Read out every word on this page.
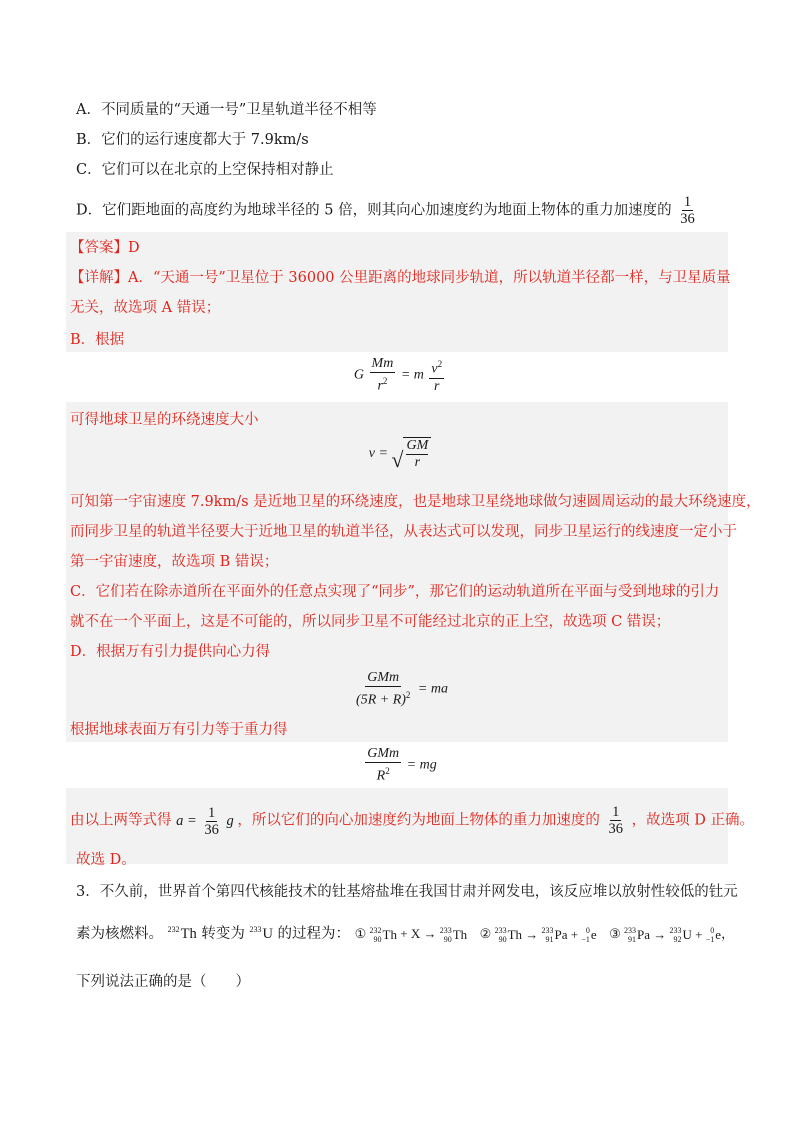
A．不同质量的“天通一号”卫星轨道半径不相等
B．它们的运行速度都大于 7.9km/s
C．它们可以在北京的上空保持相对静止
D．它们距地面的高度约为地球半径的 5 倍，则其向心加速度约为地面上物体的重力加速度的 $\frac{1}{36}$
【答案】D
【详解】A．“天通一号”卫星位于 36000 公里距离的地球同步轨道，所以轨道半径都一样，与卫星质量
无关，故选项 A 错误；
B．根据
G $\frac{Mm}{r^2} = m \frac{v^2}{r}$
可得地球卫星的环绕速度大小
v = √ $\frac{GM}{r}$
可知第一宇宙速度 7.9km/s 是近地卫星的环绕速度，也是地球卫星绕地球做匀速圆周运动的最大环绕速度，
而同步卫星的轨道半径要大于近地卫星的轨道半径，从表达式可以发现，同步卫星运行的线速度一定小于
第一宇宙速度，故选项 B 错误；
C．它们若在除赤道所在平面外的任意点实现了“同步”，那它们的运动轨道所在平面与受到地球的引力
就不在一个平面上，这是不可能的，所以同步卫星不可能经过北京的正上空，故选项 C 错误；
D．根据万有引力提供向心力得
$\frac{\text{GMm}}{(5R + R)^2}$ = ma
根据地球表面万有引力等于重力得
$\frac{\text{GMm}}{R^2}$ = mg
由以上两等式得 $a = \frac{1}{36}$ g ，所以它们的向心加速度约为地面上物体的重力加速度的 $\frac{1}{36}$ ，故选项 D 正确。
故选 D。
3．不久前，世界首个第四代核能技术的钍基熔盐堆在我国甘肃并网发电，该反应堆以放射性较低的钍元
素为核燃料。 232
Th 转变为 233
U 的过程为： ① 232
90 Th + X → 233
90 Th ② 233
90 Th →
233
91 Pa +
0
−1 e ③ 233
91 Pa →
233
92 U +
0
−1 e ，
下列说法正确的是（　　）
